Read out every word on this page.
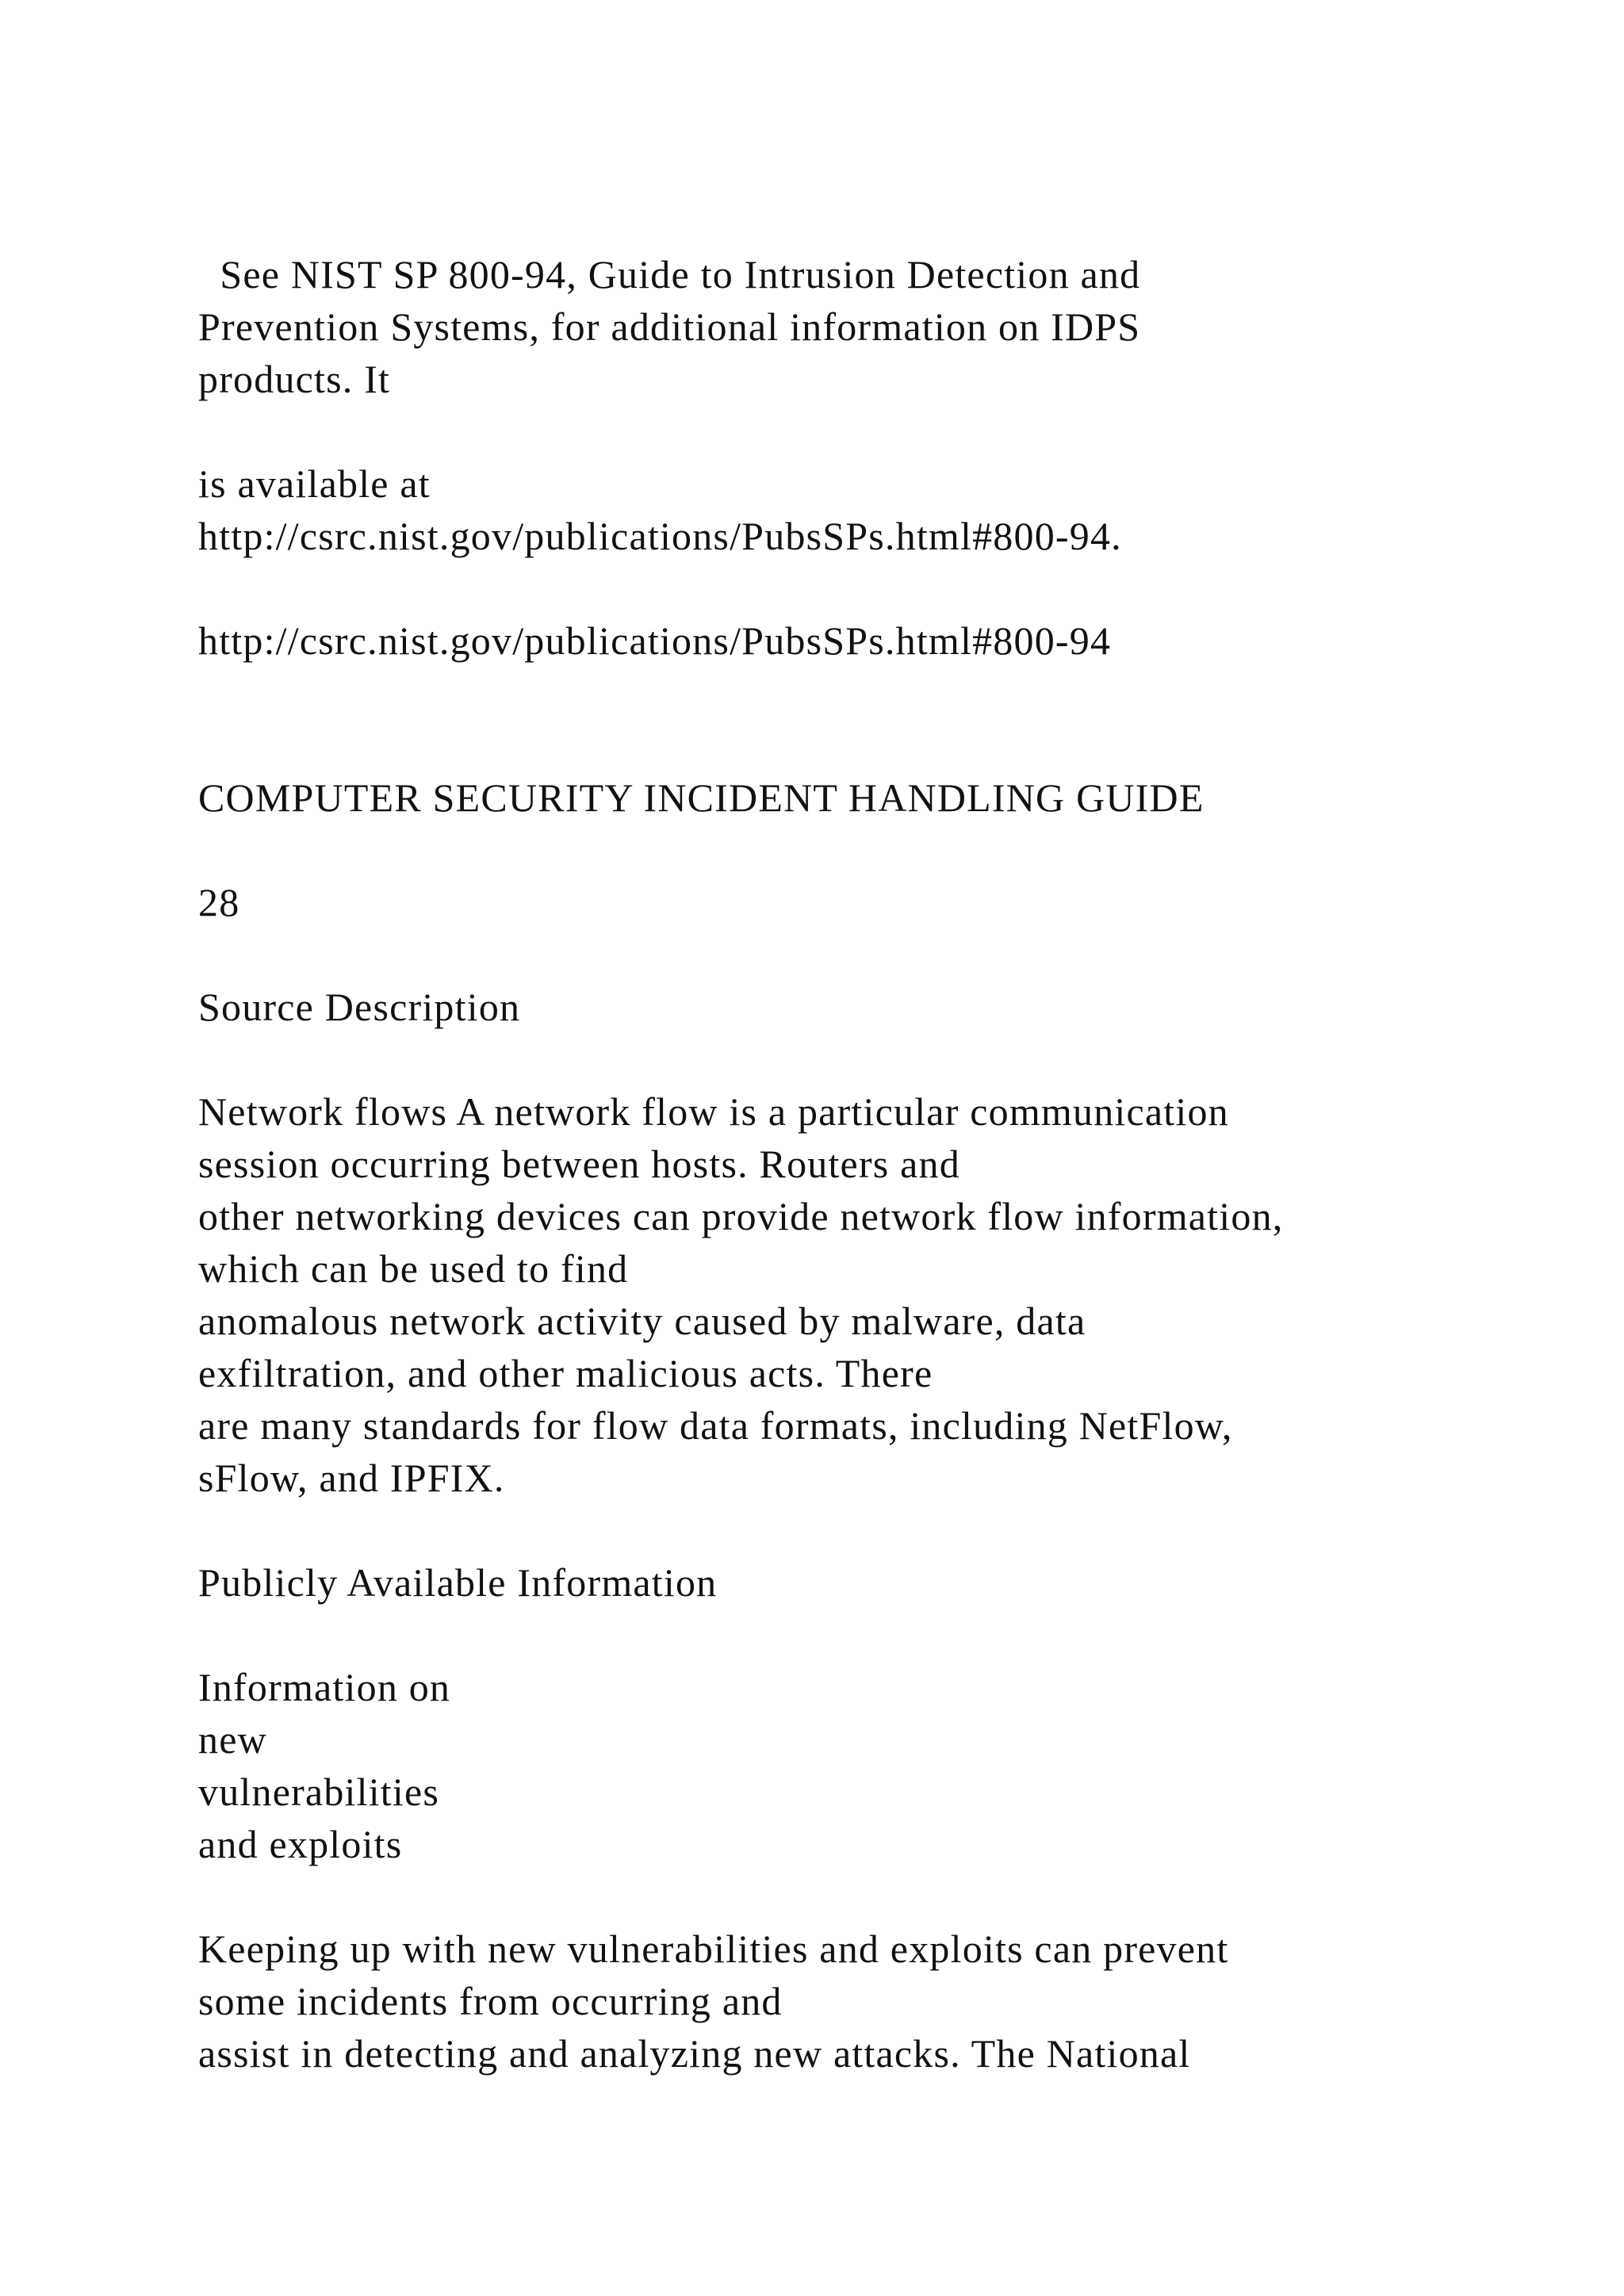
See NIST SP 800-94, Guide to Intrusion Detection and

Prevention Systems, for additional information on IDPS

products. It

is available at

http://csrc.nist.gov/publications/PubsSPs.html#800-94.

http://csrc.nist.gov/publications/PubsSPs.html#800-94

COMPUTER SECURITY INCIDENT HANDLING GUIDE

28

Source Description

Network flows A network flow is a particular communication

session occurring between hosts. Routers and

other networking devices can provide network flow information,

which can be used to find

anomalous network activity caused by malware, data

exfiltration, and other malicious acts. There

are many standards for flow data formats, including NetFlow,

sFlow, and IPFIX.

Publicly Available Information

Information on

new

vulnerabilities

and exploits

Keeping up with new vulnerabilities and exploits can prevent

some incidents from occurring and

assist in detecting and analyzing new attacks. The National
